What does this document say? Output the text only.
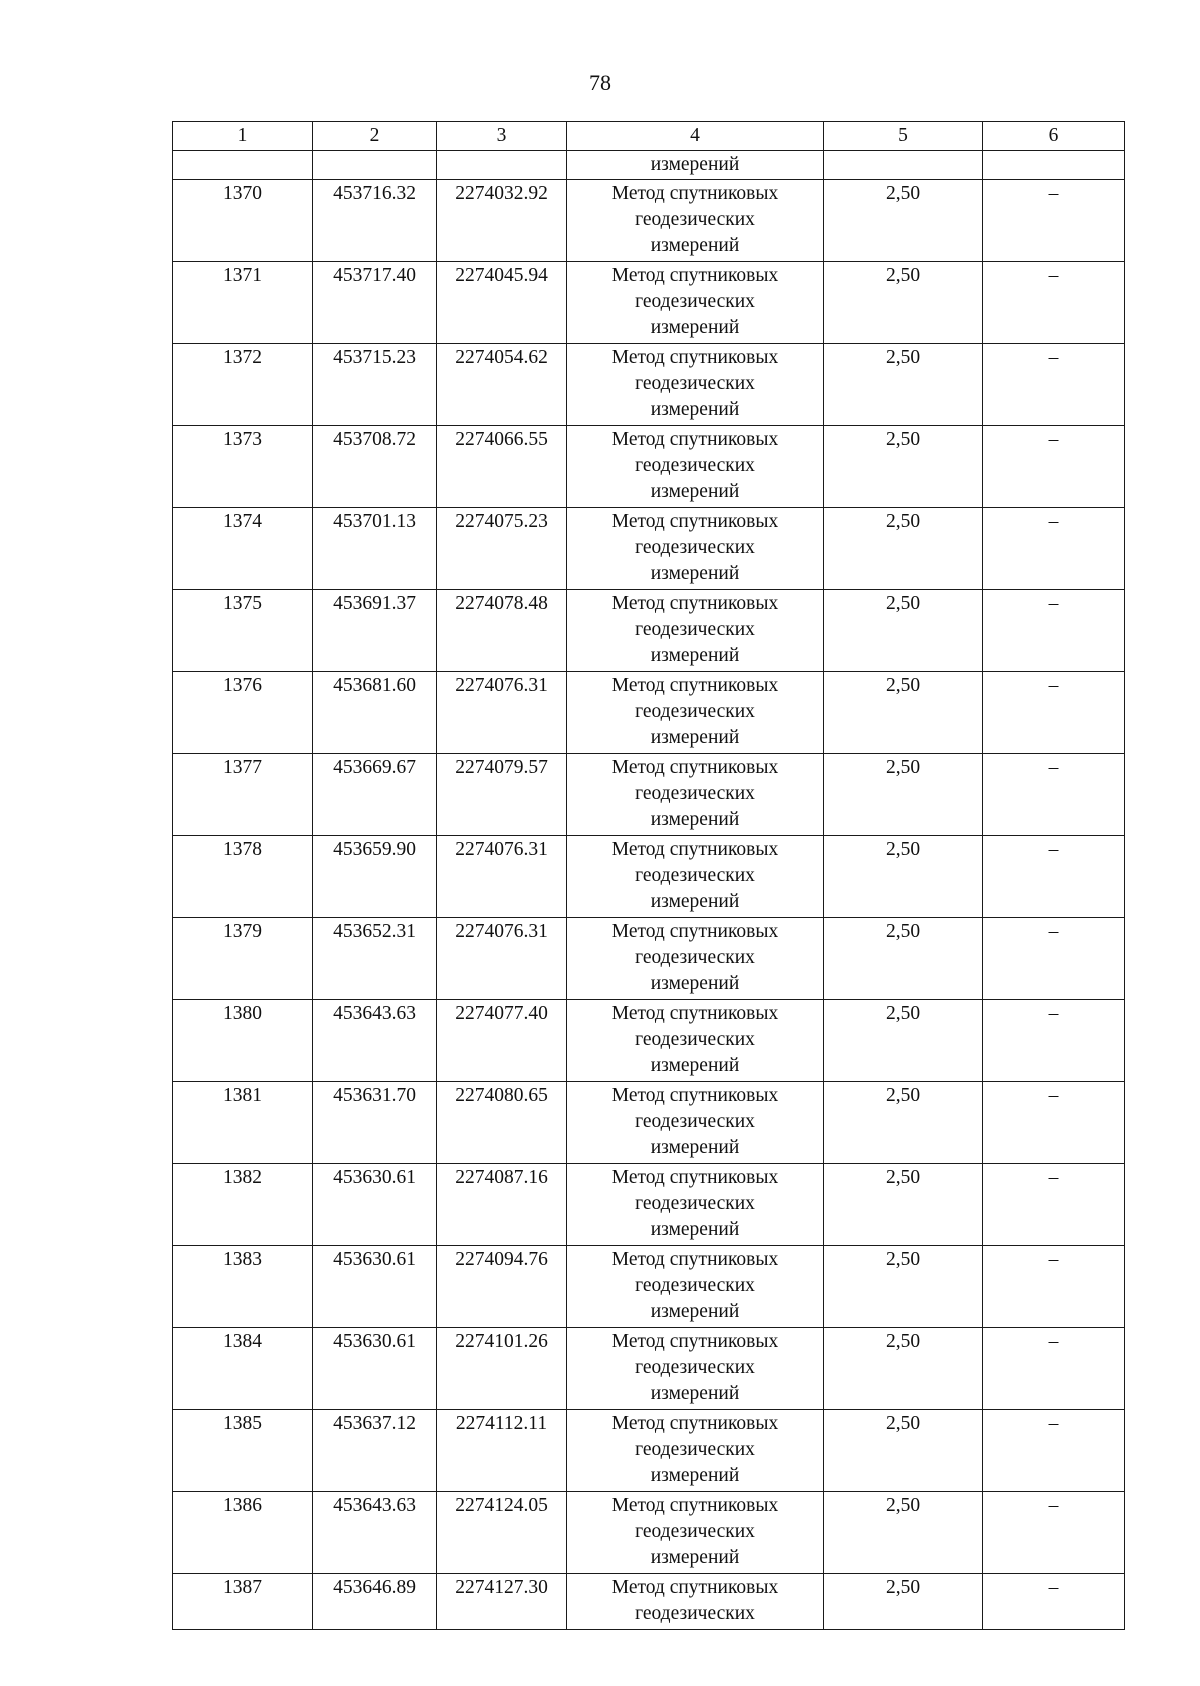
78
1	2	3	4	5	6
			измерений		
1370	453716.32	2274032.92	Метод спутниковых
геодезических
измерений	2,50	–
1371	453717.40	2274045.94	Метод спутниковых
геодезических
измерений	2,50	–
1372	453715.23	2274054.62	Метод спутниковых
геодезических
измерений	2,50	–
1373	453708.72	2274066.55	Метод спутниковых
геодезических
измерений	2,50	–
1374	453701.13	2274075.23	Метод спутниковых
геодезических
измерений	2,50	–
1375	453691.37	2274078.48	Метод спутниковых
геодезических
измерений	2,50	–
1376	453681.60	2274076.31	Метод спутниковых
геодезических
измерений	2,50	–
1377	453669.67	2274079.57	Метод спутниковых
геодезических
измерений	2,50	–
1378	453659.90	2274076.31	Метод спутниковых
геодезических
измерений	2,50	–
1379	453652.31	2274076.31	Метод спутниковых
геодезических
измерений	2,50	–
1380	453643.63	2274077.40	Метод спутниковых
геодезических
измерений	2,50	–
1381	453631.70	2274080.65	Метод спутниковых
геодезических
измерений	2,50	–
1382	453630.61	2274087.16	Метод спутниковых
геодезических
измерений	2,50	–
1383	453630.61	2274094.76	Метод спутниковых
геодезических
измерений	2,50	–
1384	453630.61	2274101.26	Метод спутниковых
геодезических
измерений	2,50	–
1385	453637.12	2274112.11	Метод спутниковых
геодезических
измерений	2,50	–
1386	453643.63	2274124.05	Метод спутниковых
геодезических
измерений	2,50	–
1387	453646.89	2274127.30	Метод спутниковых
геодезических	2,50	–
